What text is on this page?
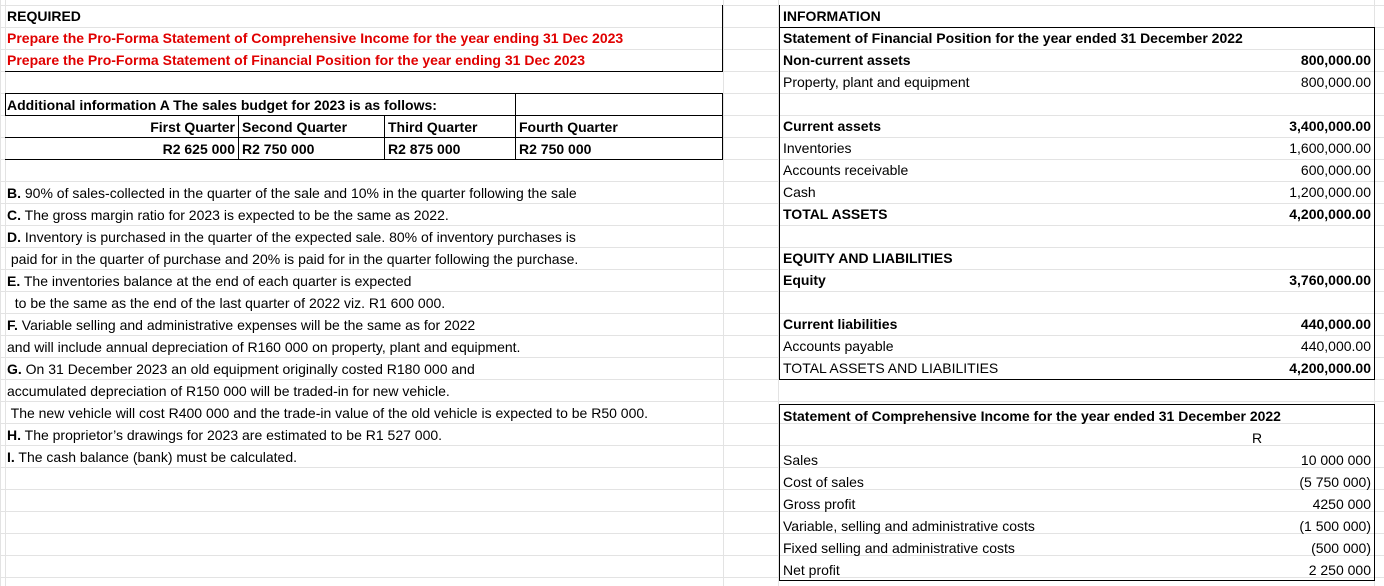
REQUIRED
Prepare the Pro-Forma Statement of Comprehensive Income for the year ending 31 Dec 2023
Prepare the Pro-Forma Statement of Financial Position for the year ending 31 Dec 2023
Additional information A The sales budget for 2023 is as follows:
First Quarter Second Quarter	Third Quarter	Fourth Quarter
R2 625 000 R2 750 000	R2 875 000	R2 750 000
B. 90% of sales-collected in the quarter of the sale and 10% in the quarter following the sale
C. The gross margin ratio for 2023 is expected to be the same as 2022.
D. Inventory is purchased in the quarter of the expected sale. 80% of inventory purchases is
paid for in the quarter of purchase and 20% is paid for in the quarter following the purchase.
E. The inventories balance at the end of each quarter is expected
to be the same as the end of the last quarter of 2022 viz. R1 600 000.
F. Variable selling and administrative expenses will be the same as for 2022
and will include annual depreciation of R160 000 on property, plant and equipment.
G. On 31 December 2023 an old equipment originally costed R180 000 and
accumulated depreciation of R150 000 will be traded-in for new vehicle.
The new vehicle will cost R400 000 and the trade-in value of the old vehicle is expected to be R50 000.
H. The proprietor’s drawings for 2023 are estimated to be R1 527 000.
I. The cash balance (bank) must be calculated.
INFORMATION
Statement of Financial Position for the year ended 31 December 2022
Non-current assets	800,000.00
Property, plant and equipment	800,000.00
Current assets	3,400,000.00
Inventories	1,600,000.00
Accounts receivable	600,000.00
Cash	1,200,000.00
TOTAL ASSETS	4,200,000.00
EQUITY AND LIABILITIES
Equity	3,760,000.00
Current liabilities	440,000.00
Accounts payable	440,000.00
TOTAL ASSETS AND LIABILITIES	4,200,000.00
Statement of Comprehensive Income for the year ended 31 December 2022
R
Sales	10 000 000
Cost of sales	(5 750 000)
Gross profit	4250 000
Variable, selling and administrative costs	(1 500 000)
Fixed selling and administrative costs	(500 000)
Net profit	2 250 000
